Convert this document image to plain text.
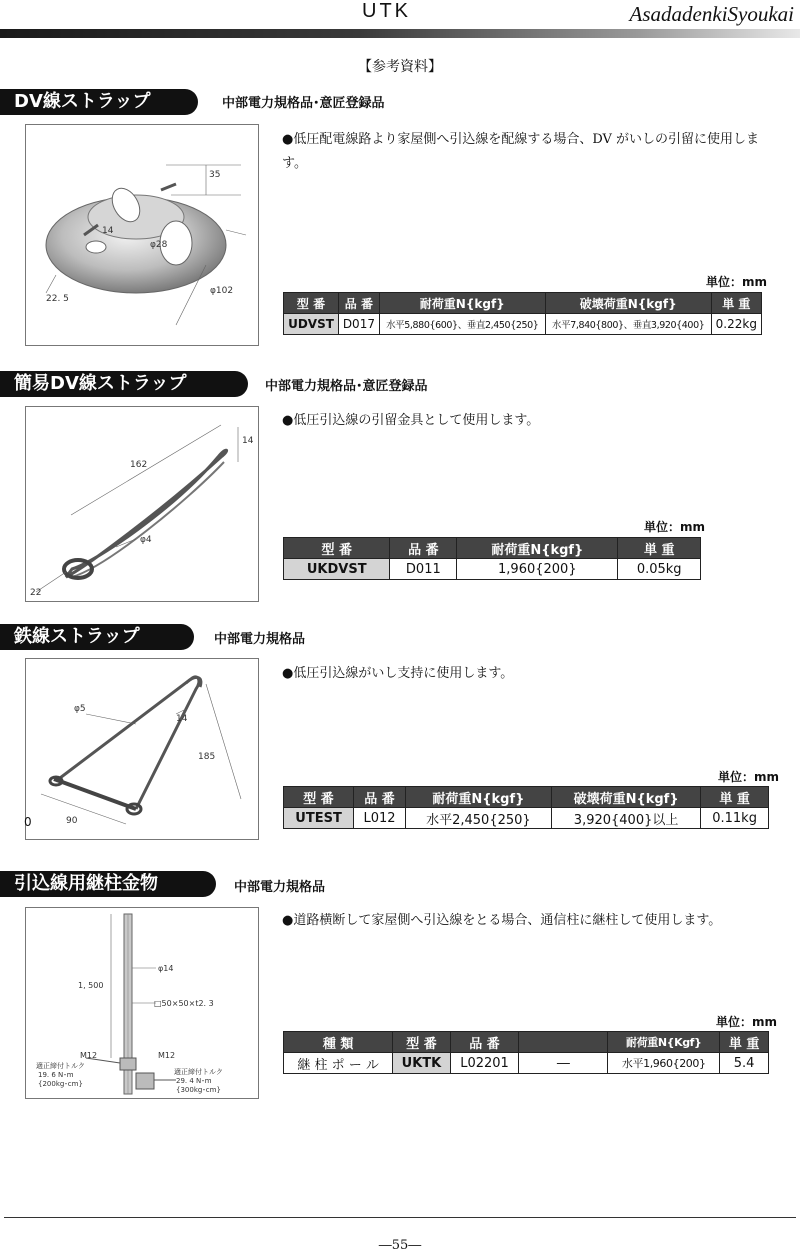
UTK	AsadadenkiSyoukai
【参考資料】
DV線ストラップ	中部電力規格品･意匠登録品
35
14
φ28
22. 5
φ102
●低圧配電線路より家屋側へ引込線を配線する場合、DV がいしの引留に使用します。
単位：mm
型 番	品 番	耐荷重N{kgf}	破壊荷重N{kgf}	単 重
UDVST	D017	水平5,880{600}、垂直2,450{250}	水平7,840{800}、垂直3,920{400}	0.22kg
簡易DV線ストラップ	中部電力規格品･意匠登録品
14
162
φ4
22
●低圧引込線の引留金具として使用します。
単位：mm
型 番	品 番	耐荷重N{kgf}	単 重
UKDVST	D011	1,960{200}	0.05kg
鉄線ストラップ	中部電力規格品
φ5
14
185
90
0
●低圧引込線がいし支持に使用します。
単位：mm
型 番	品 番	耐荷重N{kgf}	破壊荷重N{kgf}	単 重
UTEST	L012	水平2,450{250}	3,920{400}以上	0.11kg
引込線用継柱金物	中部電力規格品
1, 500
φ14
□50×50×t2. 3
M12	M12
適正締付トルク
19. 6 N･m
{200kg･cm}
適正締付トルク
29. 4 N･m
{300kg･cm}
●道路横断して家屋側へ引込線をとる場合、通信柱に継柱して使用します。
単位：mm
種 類	型 番	品 番		耐荷重N{Kgf}	単 重
継 柱 ポ ー ル	UKTK	L02201	―	水平1,960{200}	5.4
―55―
